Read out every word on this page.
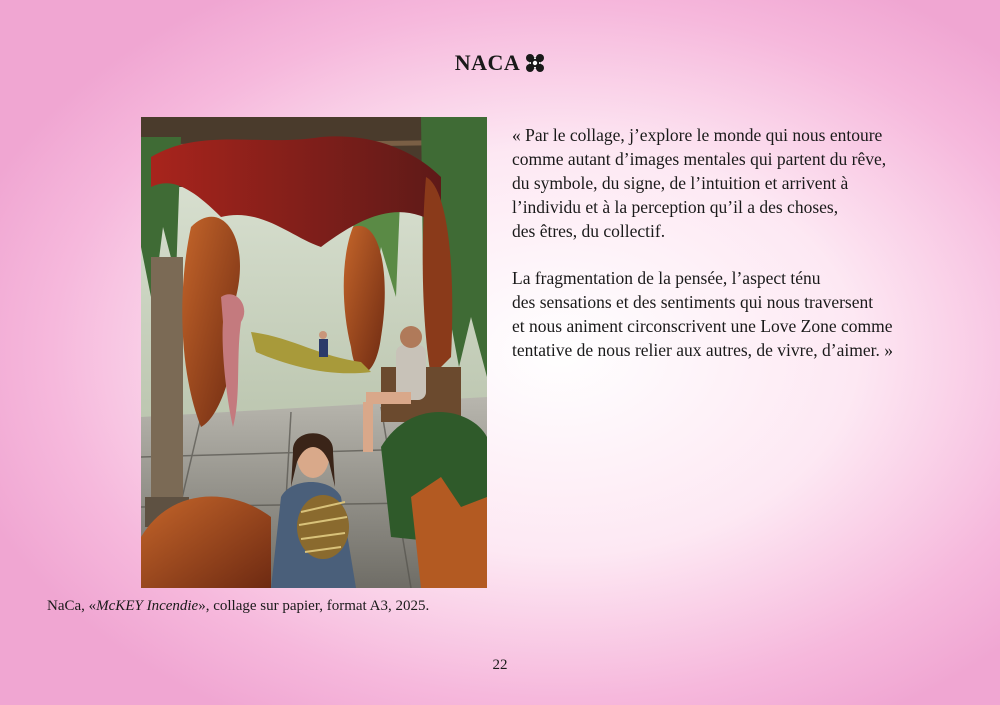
NACA
NaCa, «McKEY Incendie», collage sur papier, format A3, 2025.

« Par le collage, j’explore le monde qui nous entoure
comme autant d’images mentales qui partent du rêve,
du symbole, du signe, de l’intuition et arrivent à
l’individu et à la perception qu’il a des choses,
des êtres, du collectif.

La fragmentation de la pensée, l’aspect ténu
des sensations et des sentiments qui nous traversent
et nous animent circonscrivent une Love Zone comme
tentative de nous relier aux autres, de vivre, d’aimer. »

22
